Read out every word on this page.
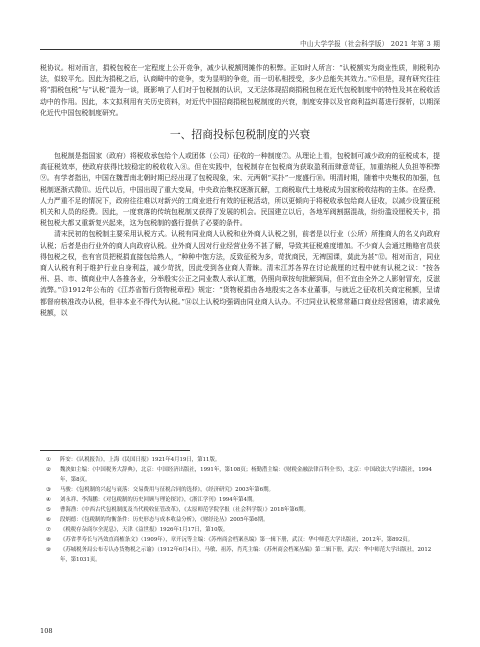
中山大学学报（社会科学版） 2021 年第 3 期

税协议。相对而言，捐税包税在一定程度上公开竞争，减少认税额罔摊作的积弊。正如时人所言：“认税额实为商业性质，则税利办法，似较平允。因此为捐税之后，认商畸中的竞争，变为显明的争竞，而一切私相授受，多少总能失其效力。”⑥但是，现有研究往往将“捐税包税”与“认税”混为一谈，既影响了人们对于包税制的认识，又无法体现招商捐税包税在近代包税制度中的特性及其在税收活动中的作用。因此，本文拟利用有关历史资料，对近代中国招商捐税包税制度的兴衰，制度安排以及官商利益纠葛进行探析，以期深化近代中国包税制度研究。

一、招商投标包税制度的兴衰

包税制是指国家（政府）将税收承包给个人或团体（公司）征收的一种制度⑦。从理论上看，包税制可减少政府的征税成本，提高征税效率，使政府获得比较稳定的税收收入⑧。但在实践中，包税制存在包税商为获取盈利而肆意苛征，加重纳税人负担等积弊⑨。有学者指出，中国在魏晋南北朝时期已经出现了包税现象，宋、元两朝“买扑”一度盛行⑩。明清时期，随着中央集权的加强，包税制逐渐式微⑪。近代以后，中国出现了重大变局，中央政治集权逐渐瓦解，工商税取代土地税成为国家税收结构的主体。在经费、人力严重不足的情况下，政府往往难以对新兴的工商业进行有效的征税活动，所以更倾向于将税收承包给商人征收，以减少设置征税机关和人员的经费。因此，一度衰落的传统包税制又获得了发展的机会。民国建立以后，各地军阀割据混战，纷纷滥设厘税关卡，捐税包税大都又重新复兴起来，这为包税制的盛行提供了必要的条件。

清末民初的包税制主要采用认税方式。认税有同业商人认税和业外商人认税之别，前者是以行业（公所）所推商人的名义向政府认税；后者是由行业外的商人向政府认税。业外商人因对行业经营业务不甚了解，导致其征税难度增加。不少商人会通过贿赂官员获得包税之权，也有官员把税捐直接包给熟人，“种种中饱方法，反致征税为多，苛扰商民，无裨国课，莫此为甚”⑫。相对而言，同业商人认税有利于维护行业自身利益，减少苛扰，因此受到各业商人青睐。清末江苏各界在讨论裁厘的过程中就有认税之议：“按各州、县、市、镇商业中人各推各业，分举殷实公正之同业数人承认汇缴，仍照向章按旬批解到局，但不宜由全外之人影射冒充，反滋流弊。”⑬1912年公布的《江苏省暂行货物税章程》规定：“货物税捐由各地殷实之各本业董事，与就近之征收机关商定税额，呈请都督府核准改办认税，但非本业不得代为认税。”⑭以上认税均强调由同业商人认办。不过同业认税常常藉口商业经营困难，请求减免税额，以

①	阵安：《认税报告》，上海《民国日报》1921年4月19日，第11版。
②	魏泱如主编：《中国税务大辞典》，北京：中国经济出版社，1991年，第108页；杨勤潜主编：《财税金融法律百科全书》，北京：中国政法大学出版社，1994年，第8页。
③	马骏：《包税制的兴起与衰落：交易费用与征税合同的选择》，《经济研究》2003年第6期。
④	刘永祥、李海鹏：《对包税制的历史回顾与理论探讨》，《浙江学刊》1994年第4期。
⑤	曹海渔：《中西古代包税制度及当代税收征管改革》，《太原师范学院学报（社会科学版）》2018年第6期。
⑥	段炳德：《包税制的均衡条件：历史形态与成本收益分析》，《财经论丛》2005年第6期。
⑦	《税税存杂商尔全泥息》，天津《益世报》1926年1月17日，第10版。
⑧	《苏省孝寿长与冯效直商榷条文》（1909年），章开沅等主编：《苏州商会档案丛编》第一辑下册，武汉：华中师范大学出版社，2012年，第892页。
⑨	《苏城税务局公布专认办货物税之示谕》（1912年6月4日），马敏、祖苏，肖芃主编：《苏州商会档案丛编》第二辑下册，武汉：华中师范大学出版社，2012年，第1031页。
108
